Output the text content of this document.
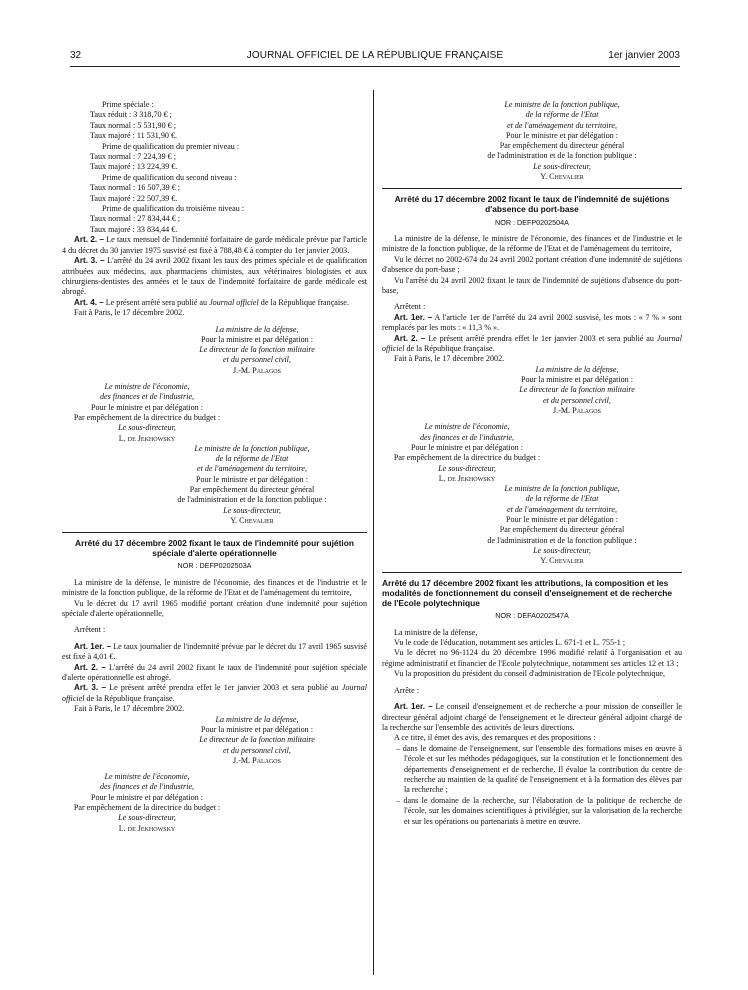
32	JOURNAL OFFICIEL DE LA RÉPUBLIQUE FRANÇAISE	1er janvier 2003

Prime spéciale :

Taux réduit : 3 318,70 € ;

Taux normal : 5 531,90 € ;

Taux majoré : 11 531,90 €.

Prime de qualification du premier niveau :

Taux normal : 7 224,39 € ;

Taux majoré : 13 224,39 €.

Prime de qualification du second niveau :

Taux normal : 16 507,39 € ;

Taux majoré : 22 507,39 €.

Prime de qualification du troisième niveau :

Taux normal : 27 834,44 € ;

Taux majoré : 33 834,44 €.

Art. 2. – Le taux mensuel de l'indemnité forfaitaire de garde médicale prévue par l'article 4 du décret du 30 janvier 1975 susvisé est fixé à 788,48 € à compter du 1er janvier 2003.

Art. 3. – L'arrêté du 24 avril 2002 fixant les taux des primes spéciale et de qualification attribuées aux médecins, aux pharmaciens chimistes, aux vétérinaires biologistes et aux chirurgiens-dentistes des armées et le taux de l'indemnité forfaitaire de garde médicale est abrogé.

Art. 4. – Le présent arrêté sera publié au Journal officiel de la République française.

Fait à Paris, le 17 décembre 2002.

La ministre de la défense,

Pour la ministre et par délégation :

Le directeur de la fonction militaire

et du personnel civil,

J.-M. Palagos

Le ministre de l'économie,

des finances et de l'industrie,

Pour le ministre et par délégation :

Par empêchement de la directrice du budget :

Le sous-directeur,

L. de Jekhowsky

Le ministre de la fonction publique,

de la réforme de l'Etat

et de l'aménagement du territoire,

Pour le ministre et par délégation :

Par empêchement du directeur général

de l'administration et de la fonction publique :

Le sous-directeur,

Y. Chevalier

Arrêté du 17 décembre 2002 fixant le taux de l'indemnité pour sujétion spéciale d'alerte opérationnelle

NOR : DEFP0202503A

La ministre de la défense, le ministre de l'économie, des finances et de l'industrie et le ministre de la fonction publique, de la réforme de l'Etat et de l'aménagement du territoire,

Vu le décret du 17 avril 1965 modifié portant création d'une indemnité pour sujétion spéciale d'alerte opérationnelle,

Arrêtent :

Art. 1er. – Le taux journalier de l'indemnité prévue par le décret du 17 avril 1965 susvisé est fixé à 4,01 €.

Art. 2. – L'arrêté du 24 avril 2002 fixant le taux de l'indemnité pour sujétion spéciale d'alerte opérationnelle est abrogé.

Art. 3. – Le présent arrêté prendra effet le 1er janvier 2003 et sera publié au Journal officiel de la République française.

Fait à Paris, le 17 décembre 2002.

La ministre de la défense,

Pour la ministre et par délégation :

Le directeur de la fonction militaire

et du personnel civil,

J.-M. Palagos

Le ministre de l'économie,

des finances et de l'industrie,

Pour le ministre et par délégation :

Par empêchement de la directrice du budget :

Le sous-directeur,

L. de Jekhowsky

Le ministre de la fonction publique,

de la réforme de l'Etat

et de l'aménagement du territoire,

Pour le ministre et par délégation :

Par empêchement du directeur général

de l'administration et de la fonction publique :

Le sous-directeur,

Y. Chevalier

Arrêté du 17 décembre 2002 fixant le taux de l'indemnité de sujétions d'absence du port-base

NOR : DEFP0202504A

La ministre de la défense, le ministre de l'économie, des finances et de l'industrie et le ministre de la fonction publique, de la réforme de l'Etat et de l'aménagement du territoire,

Vu le décret no 2002-674 du 24 avril 2002 portant création d'une indemnité de sujétions d'absence du port-base ;

Vu l'arrêté du 24 avril 2002 fixant le taux de l'indemnité de sujétions d'absence du port-base,

Arrêtent :

Art. 1er. – A l'article 1er de l'arrêté du 24 avril 2002 susvisé, les mots : « 7 % » sont remplacés par les mots : « 11,3 % ».

Art. 2. – Le présent arrêté prendra effet le 1er janvier 2003 et sera publié au Journal officiel de la République française.

Fait à Paris, le 17 décembre 2002.

La ministre de la défense,

Pour la ministre et par délégation :

Le directeur de la fonction militaire

et du personnel civil,

J.-M. Palagos

Le ministre de l'économie,

des finances et de l'industrie,

Pour le ministre et par délégation :

Par empêchement de la directrice du budget :

Le sous-directeur,

L. de Jekhowsky

Le ministre de la fonction publique,

de la réforme de l'Etat

et de l'aménagement du territoire,

Pour le ministre et par délégation :

Par empêchement du directeur général

de l'administration et de la fonction publique :

Le sous-directeur,

Y. Chevalier

Arrêté du 17 décembre 2002 fixant les attributions, la composition et les modalités de fonctionnement du conseil d'enseignement et de recherche de l'Ecole polytechnique

NOR : DEFA0202547A

La ministre de la défense,

Vu le code de l'éducation, notamment ses articles L. 671-1 et L. 755-1 ;

Vu le décret no 96-1124 du 20 décembre 1996 modifié relatif à l'organisation et au régime administratif et financier de l'Ecole polytechnique, notamment ses articles 12 et 13 ;

Vu la proposition du président du conseil d'administration de l'Ecole polytechnique,

Arrête :

Art. 1er. – Le conseil d'enseignement et de recherche a pour mission de conseiller le directeur général adjoint chargé de l'enseignement et le directeur général adjoint chargé de la recherche sur l'ensemble des activités de leurs directions.

A ce titre, il émet des avis, des remarques et des propositions :

– dans le domaine de l'enseignement, sur l'ensemble des formations mises en œuvre à l'école et sur les méthodes pédagogiques, sur la constitution et le fonctionnement des départements d'enseignement et de recherche. Il évalue la contribution du centre de recherche au maintien de la qualité de l'enseignement et à la formation des élèves par la recherche ;

– dans le domaine de la recherche, sur l'élaboration de la politique de recherche de l'école, sur les domaines scientifiques à privilégier, sur la valorisation de la recherche et sur les opérations ou partenariats à mettre en œuvre.
